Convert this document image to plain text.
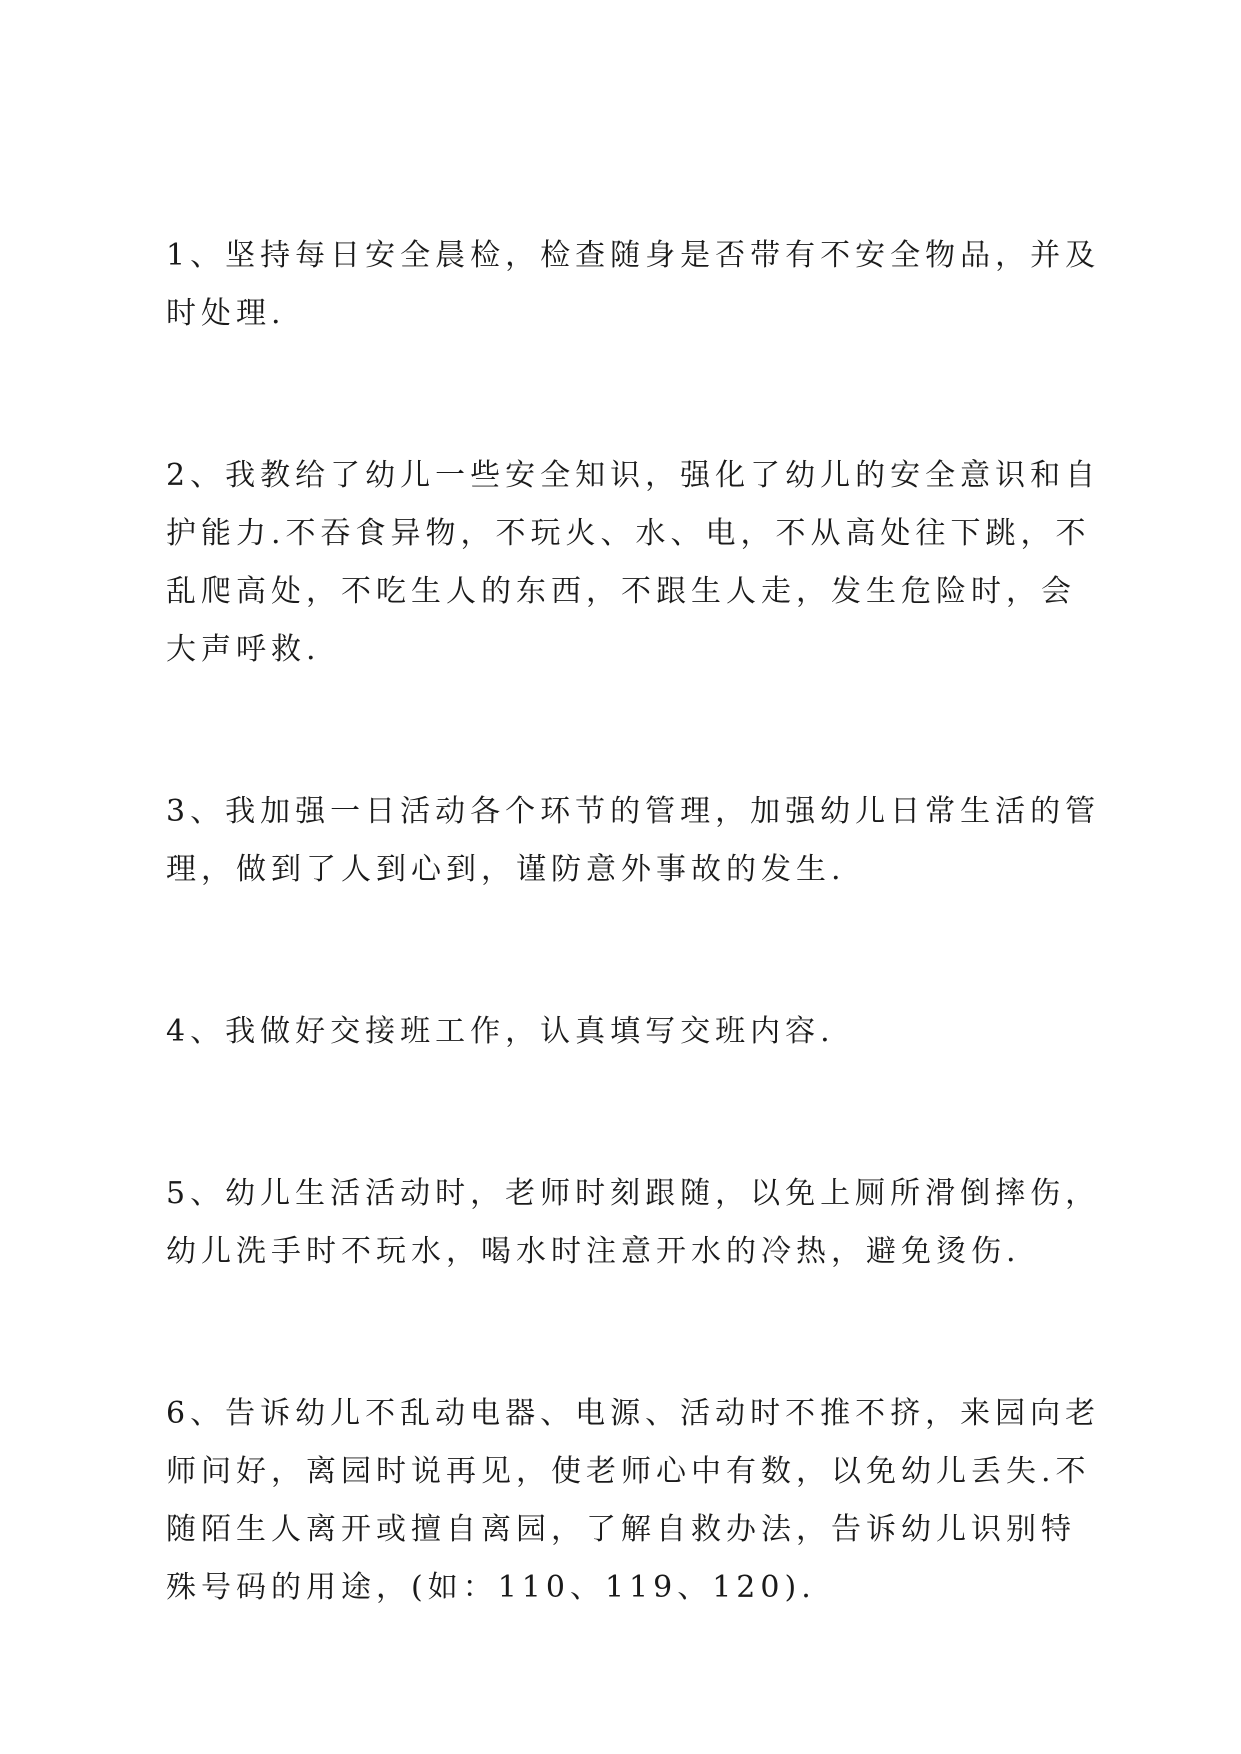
1、坚持每日安全晨检，检查随身是否带有不安全物品，并及时处理.

2、我教给了幼儿一些安全知识，强化了幼儿的安全意识和自护能力.不吞食异物，不玩火、水、电，不从高处往下跳，不乱爬高处，不吃生人的东西，不跟生人走，发生危险时，会大声呼救.

3、我加强一日活动各个环节的管理，加强幼儿日常生活的管理，做到了人到心到，谨防意外事故的发生.

4、我做好交接班工作，认真填写交班内容.

5、幼儿生活活动时，老师时刻跟随，以免上厕所滑倒摔伤，幼儿洗手时不玩水，喝水时注意开水的冷热，避免烫伤.

6、告诉幼儿不乱动电器、电源、活动时不推不挤，来园向老师问好，离园时说再见，使老师心中有数，以免幼儿丢失.不随陌生人离开或擅自离园，了解自救办法，告诉幼儿识别特殊号码的用途，(如：110、119、120).
